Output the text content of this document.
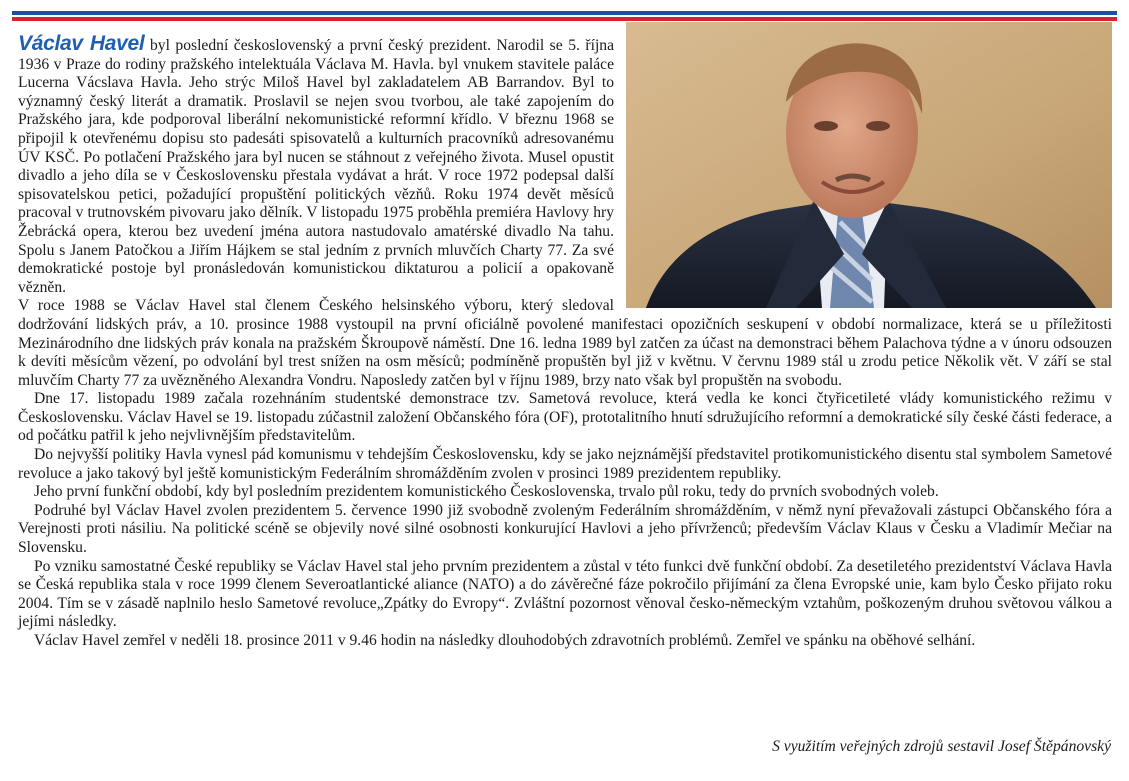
Václav Havel byl poslední československý a první český prezident. Narodil se 5. října 1936 v Praze do rodiny pražského intelektuála Václava M. Havla. byl vnukem stavitele paláce Lucerna Vácslava Havla. Jeho strýc Miloš Havel byl zakladatelem AB Barrandov. Byl to významný český literát a dramatik. Proslavil se nejen svou tvorbou, ale také zapojením do Pražského jara, kde podporoval liberální nekomunistické reformní křídlo. V březnu 1968 se připojil k otevřenému dopisu sto padesáti spisovatelů a kulturních pracovníků adresovanému ÚV KSČ. Po potlačení Pražského jara byl nucen se stáhnout z veřejného života. Musel opustit divadlo a jeho díla se v Československu přestala vydávat a hrát. V roce 1972 podepsal další spisovatelskou petici, požadující propuštění politických vězňů. Roku 1974 devět měsíců pracoval v trutnovském pivovaru jako dělník. V listopadu 1975 proběhla premiéra Havlovy hry Žebrácká opera, kterou bez uvedení jména autora nastudovalo amatérské divadlo Na tahu. Spolu s Janem Patočkou a Jiřím Hájkem se stal jedním z prvních mluvčích Charty 77. Za své demokratické postoje byl pronásledován komunistickou diktaturou a policií a opakovaně vězněn.

V roce 1988 se Václav Havel stal členem Českého helsinského výboru, který sledoval dodržování lidských práv, a 10. prosince 1988 vystoupil na první oficiálně povolené manifestaci opozičních seskupení v období normalizace, která se u příležitosti Mezinárodního dne lidských práv konala na pražském Škroupově náměstí. Dne 16. ledna 1989 byl zatčen za účast na demonstraci během Palachova týdne a v únoru odsouzen k devíti měsícům vězení, po odvolání byl trest snížen na osm měsíců; podmíněně propuštěn byl již v květnu. V červnu 1989 stál u zrodu petice Několik vět. V září se stal mluvčím Charty 77 za uvězněného Alexandra Vondru. Naposledy zatčen byl v říjnu 1989, brzy nato však byl propuštěn na svobodu.

Dne 17. listopadu 1989 začala rozehnáním studentské demonstrace tzv. Sametová revoluce, která vedla ke konci čtyřicetileté vlády komunistického režimu v Československu. Václav Havel se 19. listopadu zúčastnil založení Občanského fóra (OF), prototalitního hnutí sdružujícího reformní a demokratické síly české části federace, a od počátku patřil k jeho nejvlivnějším představitelům.

Do nejvyšší politiky Havla vynesl pád komunismu v tehdejším Československu, kdy se jako nejznámější představitel protikomunistického disentu stal symbolem Sametové revoluce a jako takový byl ještě komunistickým Federálním shromážděním zvolen v prosinci 1989 prezidentem republiky.

Jeho první funkční období, kdy byl posledním prezidentem komunistického Československa, trvalo půl roku, tedy do prvních svobodných voleb.

Podruhé byl Václav Havel zvolen prezidentem 5. července 1990 již svobodně zvoleným Federálním shromážděním, v němž nyní převažovali zástupci Občanského fóra a Verejnosti proti násiliu. Na politické scéně se objevily nové silné osobnosti konkurující Havlovi a jeho přívrženců; především Václav Klaus v Česku a Vladimír Mečiar na Slovensku.

Po vzniku samostatné České republiky se Václav Havel stal jeho prvním prezidentem a zůstal v této funkci dvě funkční období. Za desetiletého prezidentství Václava Havla se Česká republika stala v roce 1999 členem Severoatlantické aliance (NATO) a do závěrečné fáze pokročilo přijímání za člena Evropské unie, kam bylo Česko přijato roku 2004. Tím se v zásadě naplnilo heslo Sametové revoluce„Zpátky do Evropy“. Zvláštní pozornost věnoval česko-německým vztahům, poškozeným druhou světovou válkou a jejími následky.

Václav Havel zemřel v neděli 18. prosince 2011 v 9.46 hodin na následky dlouhodobých zdravotních problémů. Zemřel ve spánku na oběhové selhání.

S využitím veřejných zdrojů sestavil Josef Štěpánovský
